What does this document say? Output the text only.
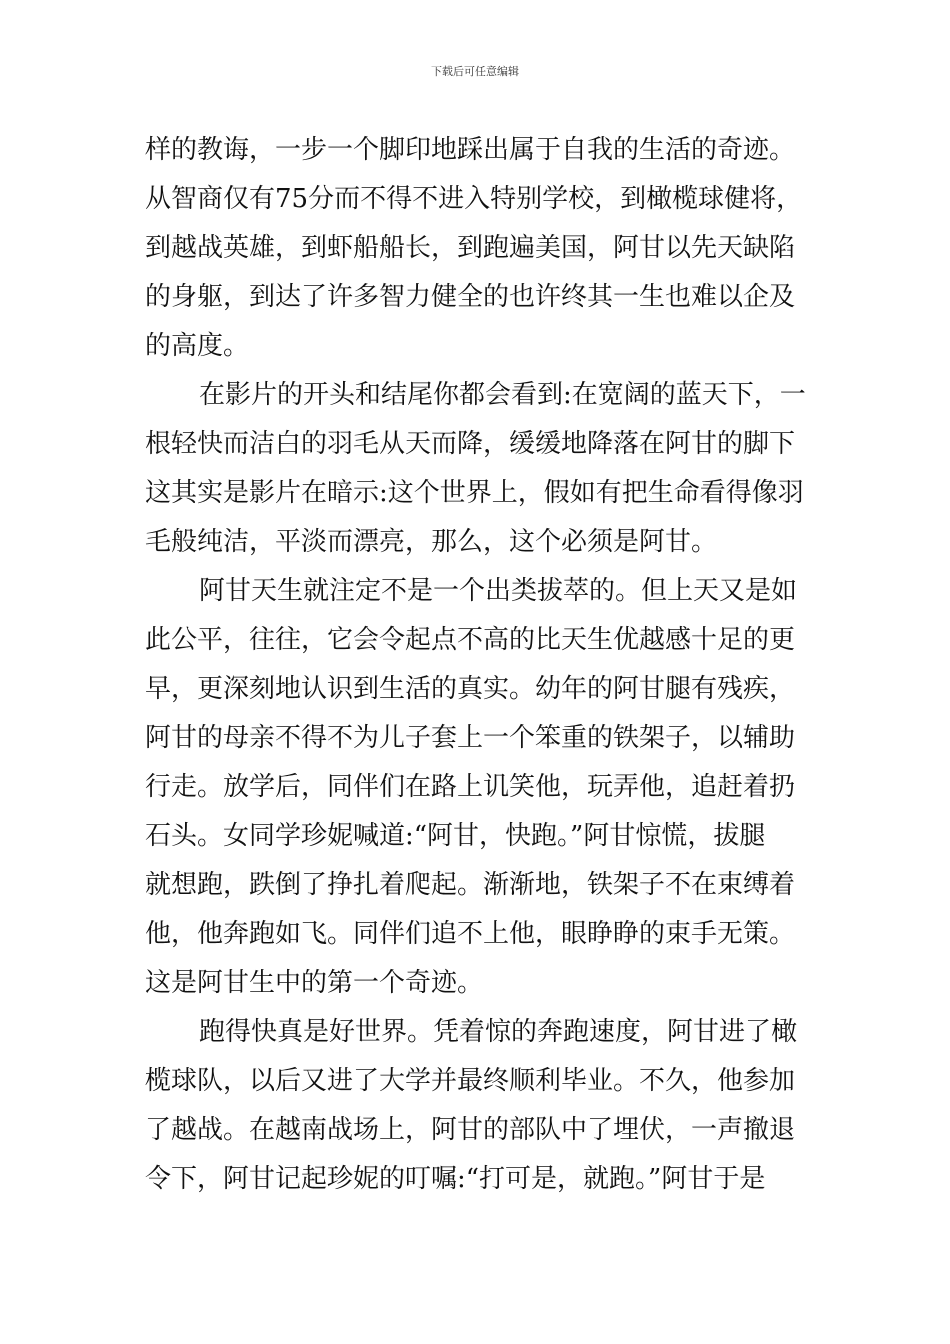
下载后可任意编辑
样的教诲，一步一个脚印地踩出属于自我的生活的奇迹。
从智商仅有75分而不得不进入特别学校，到橄榄球健将，
到越战英雄，到虾船船长，到跑遍美国，阿甘以先天缺陷
的身躯，到达了许多智力健全的也许终其一生也难以企及
的高度。
在影片的开头和结尾你都会看到:在宽阔的蓝天下，一
根轻快而洁白的羽毛从天而降，缓缓地降落在阿甘的脚下
这其实是影片在暗示:这个世界上，假如有把生命看得像羽
毛般纯洁，平淡而漂亮，那么，这个必须是阿甘。
阿甘天生就注定不是一个出类拔萃的。但上天又是如
此公平，往往，它会令起点不高的比天生优越感十足的更
早，更深刻地认识到生活的真实。幼年的阿甘腿有残疾，
阿甘的母亲不得不为儿子套上一个笨重的铁架子，以辅助
行走。放学后，同伴们在路上讥笑他，玩弄他，追赶着扔
石头。女同学珍妮喊道:“阿甘，快跑。”阿甘惊慌，拔腿
就想跑，跌倒了挣扎着爬起。渐渐地，铁架子不在束缚着
他，他奔跑如飞。同伴们追不上他，眼睁睁的束手无策。
这是阿甘生中的第一个奇迹。
跑得快真是好世界。凭着惊的奔跑速度，阿甘进了橄
榄球队，以后又进了大学并最终顺利毕业。不久，他参加
了越战。在越南战场上，阿甘的部队中了埋伏，一声撤退
令下，阿甘记起珍妮的叮嘱:“打可是，就跑。”阿甘于是
